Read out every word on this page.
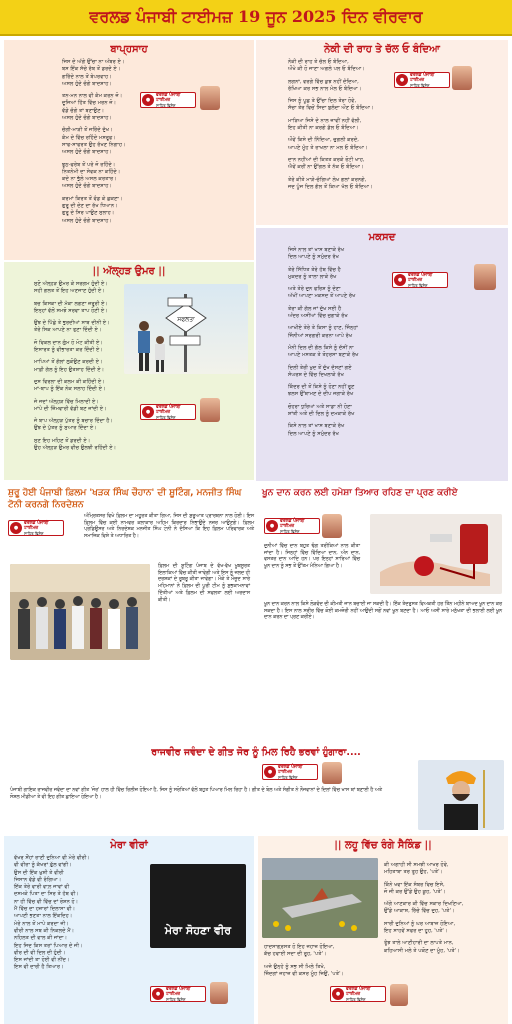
ਵਰਲਡ ਪੰਜਾਬੀ ਟਾਈਮਜ਼ 19 ਜੂਨ 2025 ਦਿਨ ਵੀਰਵਾਰ
ਬਾਪ੍ਹਸਾਹ
ਜਿਸ ਦੇ ਅੱਗੇ ਉੱਚਾ ਨਾ ਅੰਬਰ ਏ।
ਬਸ ਇੱਕ ਸੱਚੇ ਰੱਬ ਤੋਂ ਡਰਦੇ ਏ।
ਗਰਿੱਦੇ ਨਾਲ ਤੋਂ ਬੇਪਰਵਾਹ।
ਅਸਲ ਹੁੰਦੇ ਚੰਗੇ ਬਾਦਸ਼ਾਹ।
ਤਨ-ਮਨ ਨਾਲ ਵੀ ਕੰਮ ਕਰਨ ਜੋ।
ਦੂਜਿਆਂ ਹਿੱਤ ਵਿੱਚ ਮਰਨ ਜੋ।
ਵੱਡੇ ਚੰਗੇ ਤਾਂ ਬਣਾਉਣ।
ਅਸਲ ਹੁੰਦੇ ਚੰਗੇ ਬਾਦਸ਼ਾਹ।
ਚੰਗੀ-ਮਾੜੀ ਤੋਂ ਜਰਿੰਦੇ ਦੁੱਖ।
ਕੰਮ ਦੇ ਵਿੱਚ ਰਹਿੰਦੇ ਮਸਰੂਫ।
ਸਾਫ-ਸਾਫਰਤ ਉਹ ਰੱਖਣ ਨਿਗਾਹ।
ਅਸਲ ਹੁੰਦੇ ਚੰਗੇ ਬਾਦਸ਼ਾਹ।
ਝੂਠ-ਫਰੇਬ ਤੋਂ ਪਰੇ ਜੋ ਰਹਿੰਦੇ।
ਨਿਤਨੇਮੀ ਦਾ ਸੇਵਕ ਨਾ ਕਹਿੰਦੇ।
ਕਦੇ ਨਾ ਭੁੱਲੇ ਅਸਲ ਕਰਤਾਰ।
ਅਸਲ ਹੁੰਦੇ ਚੰਗੇ ਬਾਦਸ਼ਾਹ।
ਕਰਮਾਂ ਕਿਰਤ ਤੋਂ ਵੰਡ ਕੇ ਛਕਣਾ।
ਗੁਰੂ ਦੀ ਦੇਣ ਦਾ ਰੱਖ ਧਿਆਨ।
ਗੁਰੂ ਦੇ ਸਿਰ ਪਾਉਣ ਸੁਲਾਹ।
ਅਸਲ ਹੁੰਦੇ ਚੰਗੇ ਬਾਦਸ਼ਾਹ।
●
ਵਰਲਡ ਪੰਜਾਬੀ ਟਾਈਮਜ਼
ਸਾਹਿਤ ਵਿਸ਼ੇਸ਼
ਨੇਕੀ ਦੀ ਰਾਹ ਤੇ ਚੱਲ ਓ ਬੰਦਿਆ
ਨੇਕੀ ਦੀ ਰਾਹ ਤੇ ਚੱਲ ਓ ਬੰਦਿਆ,
ਔਖੇ ਕੀ ਹੋ ਜਾਣਾ ਅਗਲੇ ਪਲ ਓ ਬੰਦਿਆ।
ਲਗਨਾਂ, ਵਰਗੇ ਵਿੱਚ ਕੁਝ ਨਹੀਂ ਦੰਦਿਆ,
ਰੱਖਿਆ ਕਰ ਸਭ ਨਾਲ ਮੇਲ ਓ ਬੰਦਿਆ।
ਜਿਸ ਨੂੰ ਪੂਛ ਤੇ ਉੱਚਾ ਦਿਲ ਤੇਰਾ ਹੋਵੇ,
ਸੱਚਾ ਤੇਰ ਵਿਚੋਂ ਸਿਦਾ ਬੁਲੰਦਾ ਔਣ ਓ ਬੰਦਿਆ।
ਮਾੜਿਆ ਜਿਸੇ ਦੇ ਨਾਲ ਜਾਵੀਂ ਨਹੀਂ ਵੱਲੀ,
ਇਹ ਕੀਤੀ ਨਾ ਕਰਗੇ ਡੱਲ ਓ ਬੰਦਿਆ।
ਔਵੇਂ ਕਿਸੇ ਦੀ ਨਿੰਦਿਆ, ਚੁਗਲੀ ਕਰਦੇ,
ਆਪਣੇ ਮੂੰਹ ਤੇ ਰਾਖਲਾ ਨਾ ਮਲ ਓ ਬੰਦਿਆ।
ਦਾਨ ਨਹੀਂਆਂ ਦੀ ਕਿਤਤ ਕਰਕੇ ਰੋਟੀ ਖਾਹ,
ਐਵੇਂ ਕਰੀਂ ਨਾ ਉੱਗਲ ਤੇ ਨੱਕ ਓ ਬੰਦਿਆ।
ਤੇਰੇ ਕੀਤੇ ਮਾੜੇ-ਚੰਗਿਆਂ ਲੇਖ ਗਲਾਂ ਕਰਨਗੇ,
ਜਦ ਪੂੰਜ ਦਿਲ ਗੱਲ ਤੋਂ ਕਿਆ ਖੱਲ ਓ ਬੰਦਿਆ।
●
ਵਰਲਡ ਪੰਜਾਬੀ ਟਾਈਮਜ਼
ਸਾਹਿਤ ਵਿਸ਼ੇਸ਼
ਮਕਸਦ
ਜਿਸੇ ਨਾਲ ਤਾਂ ਖਾਸ ਬਣਾਕੇ ਰੱਖ
ਦਿਲ ਆਪਣੇ ਨੂੰ ਸਮੁੰਦਰ ਰੱਖ
ਤੇਰੇ ਸਿੱਧਿਤ ਤੇਰੇ ਹੱਥ ਵਿੱਚ ਹੈ
ਮੁਕਦਰ ਨੂੰ ਤਾਲਾ ਲਾਕੇ ਰੱਖ
ਅਤੇ ਤੇਰੇ ਦੁਨ ਫਰਿਸ਼ ਨੂੰ ਦੇਣਾ
ਅੱਖੀਂ ਆਪਣਾ ਮਕਸਦ ਤੋਂ ਆਪਣੇ ਰੱਖ
ਤੇਰਾ ਕੀ ਗੱਲ ਜਾਂ ਦੁੱਖ ਸਈ ਹੈ
ਅੰਦਰ ਅਸੀਂਆਂ ਵਿੱਚ ਜੁਗਾਕੇ ਰੱਖ
ਆਖੀਏ ਤੇਰੇ ਤੇ ਕਿਸਾ ਨੂੰ ਹਾਣ, ਜਿੰਨ੍ਹਾਂ
ਜਿੰਨੀਆਂ ਸਰਗਰੀ ਕਰਨਾ ਆਪੇ ਰੱਖ
ਮੰਨੀ ਦਿਲ ਦੀ ਗੱਲ ਕਿਸੇ ਨੂੰ ਦੱਸੀਂ ਨਾ
ਆਪਣੇ ਮਸਤਕ ਤੇ ਤੋਹਰਸਾ ਬਣਾਕੇ ਰੱਖ
ਦਿਲੀ ਤੇਰੀ ਖੁਦ ਤੋਂ ਦੁੱਖ ਦੱਸਣਾਂ ਗਏ
ਸੰਘਰਸ਼ ਦੇ ਵਿੱਚ ਦਿਖਲਾਕੇ ਰੱਖ
ਕਿੰਦਰ ਦੀ ਤੋਂ ਕਿਸੇ ਨੂੰ ਹੋਣਾ ਨਹੀਂ ਰੂਣ
ਝਲਸ ਉੱਥਾਮਣ ਦੇ ਦੀਪ ਜਗਾਕੇ ਰੱਖ
ਚੋਹਰਾ ਧੁਰਿਆਂ ਅਤੇ ਸਾਡਾ ਨੀ ਹੋਣਾ
ਸ਼ਾਂਤੀ ਅਤੇ ਦੀ ਦਿਲ ਨੂੰ ਦਮਕਾਕੇ ਰੱਖ
ਕਿਸੇ ਨਾਲ ਤਾਂ ਖਾਸ ਬਣਾਕੇ ਰੱਖ
ਦਿਲ ਆਪਣੇ ਨੂੰ ਸਮੁੰਦਰ ਰੱਖ
●
ਵਰਲਡ ਪੰਜਾਬੀ ਟਾਈਮਜ਼
ਸਾਹਿਤ ਵਿਸ਼ੇਸ਼
|| ਅੱਲ੍ਹੜ ਉਮਰ ||
ਸੁਣੋ ਅੱਲ੍ਹੜ ਉਮਰ ਕੇ ਸਰਗਮ ਹੁੰਦੀ ਏ।
ਸਹੀ ਗਲਤ ਤੋਂ ਇਹ ਅਣਜਾਣ ਹੁੰਦੀ ਏ।
ਬਚ ਕਿਸਕਾ ਦੀ ਮੱਕਾ ਲਗਣਾ ਜ਼ਰੂਰੀ ਏ।
ਇਨ੍ਹਾਂ ਵੱਲੋਂ ਸਮਝੋ ਸਰਵਾ ਤਾਪ ਹੋਣੀ ਏ।
ਉਂਝ ਦੇ ਪਿੱਛੇ ਤੇ ਭੁਰਦੀਆਂ ਸਾਥ ਦੀਨੀ ਏ।
ਤੇਰੇ ਸਿਕ ਆਪਣੇ ਨਾ ਤੁਣਾ ਦਿੰਦੀ ਏ।
ਜੋ ਵਿਕਲ ਦਾਨ ਗੁੰਮ ਹੋ ਮੋਟ ਕੀਤੀ ਏ।
ਇਸਾਰਤ ਨੂੰ ਵੀਭਾਰਤਾ ਕਰ ਦਿੰਦੀ ਏ।
ਮਾਪਿਆਂ ਤੋਂ ਗੱਲਾਂ ਲੁਕੋਉਣ ਕਰਦੀ ਏ।
ਮਾਫ਼ੀ ਗੱਲ ਨੂੰ ਇਹ ਉਤਸ਼ਾਹ ਦਿੰਦੀ ਏ।
ਦੁਸ ਵਿਰਲਾ ਦੀ ਕਲਮ ਕੀ ਕਹਿੰਦੀ ਏ।
ਮਾਂ-ਬਾਪ ਨੂੰ ਇੱਕ ਨੇਕ ਸਲਾਹ ਦਿੰਦੀ ਏ।
ਜੇ ਜਦਾਂ ਅੱਲ੍ਹੜ ਵਿੱਚ ਮਿਲਾਦੀ ਏ।
ਮਾਂਪੇ ਦੀ ਜ਼ਿੰਮਵਾਰੀ ਵੱਡੀ ਬਣ ਜਾਂਦੀ ਏ।
ਜੇ ਬਾਪ ਅੱਲ੍ਹੜ ਪੁੱਤਰ ਨੂੰ ਬਚਾਰ ਦਿੰਦਾ ਹੈ।
ਉਂਝ ਦੇ ਪੁੱਤਰ ਨੂੰ ਸੁਆਰ ਦਿੰਦਾ ਏ।
ਸੁਣ ਇਹ ਮਹਿਣ ਤੋਂ ਡਰਦੀ ਏ।
ਉਹ ਅੱਲ੍ਹੜ ਉਮਰ ਵੀਚ ਉਲਝੀ ਰਹਿੰਦੀ ਏ।
ਸਫਲਤਾ
●
ਵਰਲਡ ਪੰਜਾਬੀ ਟਾਈਮਜ਼
ਸਾਹਿਤ ਵਿਸ਼ੇਸ਼
ਸ਼ੁਰੂ ਹੋਈ ਪੰਜਾਬੀ ਫ਼ਿਲਮ 'ਖੜਕ ਸਿੰਘ ਚੌਹਾਨ' ਦੀ ਸ਼ੂਟਿੰਗ, ਮਨਜੀਤ ਸਿੰਘ ਟੋਨੀ ਕਰਨਗੇ ਨਿਰਦੇਸ਼ਨ
●
ਵਰਲਡ ਪੰਜਾਬੀ ਟਾਈਮਜ਼
ਸਾਹਿਤ ਵਿਸ਼ੇਸ਼
ਅੰਮ੍ਰਿਤਸਰ ਵਿਖੇ ਫ਼ਿਲਮ ਦਾ ਮਹੂਰਤ ਕੀਤਾ ਗਿਆ, ਜਿਸ ਦੀ ਸ਼ੁਰੂਆਤ ਪ੍ਰਾਰਥਨਾ ਨਾਲ ਹੋਈ। ਇਸ ਫ਼ਿਲਮ ਵਿੱਚ ਕਈ ਨਾਮਵਰ ਕਲਾਕਾਰ ਅਹਿਮ ਕਿਰਦਾਰ ਨਿਭਾਉਂਦੇ ਨਜ਼ਰ ਆਉਣਗੇ। ਫ਼ਿਲਮ ਪ੍ਰੋਡਿਊਸਰ ਅਤੇ ਨਿਰਦੇਸ਼ਕ ਮਨਜੀਤ ਸਿੰਘ ਟੋਨੀ ਨੇ ਦੱਸਿਆ ਕਿ ਇਹ ਫ਼ਿਲਮ ਪਰਿਵਾਰਕ ਅਤੇ ਸਮਾਜਿਕ ਵਿਸ਼ੇ ਤੇ ਅਧਾਰਿਤ ਹੈ।
ਫ਼ਿਲਮ ਦੀ ਸ਼ੂਟਿੰਗ ਪੰਜਾਬ ਦੇ ਵੱਖ-ਵੱਖ ਖੂਬਸੂਰਤ ਇਲਾਕਿਆਂ ਵਿੱਚ ਕੀਤੀ ਜਾਵੇਗੀ ਅਤੇ ਇਸ ਨੂੰ ਜਲਦ ਹੀ ਦਰਸ਼ਕਾਂ ਦੇ ਰੂਬਰੂ ਕੀਤਾ ਜਾਵੇਗਾ। ਮੌਕੇ ਤੇ ਮੌਜੂਦ ਸਾਰੇ ਮਹਿਮਾਨਾਂ ਨੇ ਫ਼ਿਲਮ ਦੀ ਪੂਰੀ ਟੀਮ ਨੂੰ ਸ਼ੁਭਕਾਮਨਾਵਾਂ ਦਿੱਤੀਆਂ ਅਤੇ ਫ਼ਿਲਮ ਦੀ ਸਫਲਤਾ ਲਈ ਅਰਦਾਸ ਕੀਤੀ।
ਖੂਨ ਦਾਨ ਕਰਨ ਲਈ ਹਮੇਸ਼ਾ ਤਿਆਰ ਰਹਿਣ ਦਾ ਪ੍ਰਣ ਕਰੀਏ
●
ਵਰਲਡ ਪੰਜਾਬੀ ਟਾਈਮਜ਼
ਸਾਹਿਤ ਵਿਸ਼ੇਸ਼
ਦੁਨੀਆਂ ਵਿੱਚ ਦਾਨ ਬਹੁਤ ਢੰਗ ਤਰੀਕਿਆਂ ਨਾਲ ਕੀਤਾ ਜਾਂਦਾ ਹੈ। ਜਿਨ੍ਹਾਂ ਵਿੱਚ ਵਿੱਦਿਆ ਦਾਨ, ਅੰਨ ਦਾਨ, ਵਸਤਰ ਦਾਨ ਆਦਿ ਹਨ। ਪਰ ਇਨ੍ਹਾਂ ਸਾਰਿਆਂ ਵਿੱਚ ਖੂਨ ਦਾਨ ਨੂੰ ਸਭ ਤੋਂ ਉੱਤਮ ਮੰਨਿਆ ਗਿਆ ਹੈ।
ਖੂਨ ਦਾਨ ਕਰਨ ਨਾਲ ਕਿਸੇ ਲੋੜਵੰਦ ਦੀ ਕੀਮਤੀ ਜਾਨ ਬਚਾਈ ਜਾ ਸਕਦੀ ਹੈ। ਇੱਕ ਤੰਦਰੁਸਤ ਵਿਅਕਤੀ ਹਰ ਤਿੰਨ ਮਹੀਨੇ ਬਾਅਦ ਖੂਨ ਦਾਨ ਕਰ ਸਕਦਾ ਹੈ। ਇਸ ਨਾਲ ਸਰੀਰ ਵਿੱਚ ਕੋਈ ਕਮਜ਼ੋਰੀ ਨਹੀਂ ਆਉਂਦੀ ਸਗੋਂ ਨਵਾਂ ਖੂਨ ਬਣਦਾ ਹੈ। ਆਓ ਅਸੀਂ ਸਾਰੇ ਮਨੁੱਖਤਾ ਦੀ ਭਲਾਈ ਲਈ ਖੂਨ ਦਾਨ ਕਰਨ ਦਾ ਪ੍ਰਣ ਕਰੀਏ।
ਰਾਜਵੀਰ ਜਵੰਦਾ ਦੇ ਗੀਤ ਜੋਰ ਨੂੰ ਮਿਲ ਰਿਹੈ ਭਰਵਾਂ ਹੁੰਗਾਰਾ....
●
ਵਰਲਡ ਪੰਜਾਬੀ ਟਾਈਮਜ਼
ਸਾਹਿਤ ਵਿਸ਼ੇਸ਼
ਪੰਜਾਬੀ ਗਾਇਕ ਰਾਜਵੀਰ ਜਵੰਦਾ ਦਾ ਨਵਾਂ ਗੀਤ 'ਜੋਰ' ਹਾਲ ਹੀ ਵਿੱਚ ਰਿਲੀਜ਼ ਹੋਇਆ ਹੈ, ਜਿਸ ਨੂੰ ਸਰੋਤਿਆਂ ਵੱਲੋਂ ਬਹੁਤ ਪਿਆਰ ਮਿਲ ਰਿਹਾ ਹੈ। ਗੀਤ ਦੇ ਬੋਲ ਅਤੇ ਸੰਗੀਤ ਨੇ ਨੌਜਵਾਨਾਂ ਦੇ ਦਿਲਾਂ ਵਿੱਚ ਖਾਸ ਥਾਂ ਬਣਾਈ ਹੈ ਅਤੇ ਸੋਸ਼ਲ ਮੀਡੀਆ ਤੇ ਵੀ ਇਹ ਗੀਤ ਛਾਇਆ ਹੋਇਆ ਹੈ।
ਮੇਰਾ ਵੀਰਾਂ
ਵੱਖਰ ਸੌਂਹਾਂ ਰਾਣੀ ਦੁਨਿਆ ਵੀ ਮੇਰੇ ਵੀਰੀ।
ਵੀ ਵੀਰਾ ਨੂੰ ਕੱਖਰਾਂ ਫ਼ੁੱਲ ਵਾਂਗੀ।
ਉਸ ਦੀ ਇੱਕ ਖ਼ੁਸ਼ੀ ਤੇ ਵੀਰੀ
ਜਿਸਾਨ ਵੱਡੇ ਵੀ ਰੰਗਿਆ।
ਇੱਕ ਤੇਰੇ ਵਾਰੀ ਵਾਲ਼ ਜਾਵਾਂ ਵੀ
ਦਸਮਕੇ ਪਿਤਾ ਦਾ ਸਿਰ ਤੇ ਹੱਥ ਵੀ।
ਨਾ ਹੀ ਵਿੱਚ ਵੀ ਵਿੱਚ ਦਾਂ ਰੋਸ਼ਨ ਹੋ।
ਮੈਂ ਵਿੱਚ ਦਾ ਹਜ਼ਾਰਾਂ ਦਿਲਾਸਾ ਵੀ।
ਆਪਣੀ ਭਣਤਾ ਨਾਲ ਇੱਕਦਿਹ।
ਮੇਰੇ ਨਾਲ ਤੋਂ ਮਾਪੇ ਕਰਦਾ ਜੀ।
ਵੀਰੀ ਨਾਲ ਸਬ ਕੀ ਨਿਕਲਦੇ ਮੈਂ।
ਨਹਿਲਤ ਦੀ ਵਾਲ ਕੀ ਜਾਂਦਾ।
ਇਹ ਜਿਦ ਕਿਸ ਤਰਾਂ ਪਿਆਰ ਦੇ ਜੀ।
ਵੀਰ ਦੀ ਵੀ ਦਿਲ ਦੀ ਹੁੰਦੀ।
ਇਸ ਜਾਂਦੀ ਤਾ ਹੋਈ ਵੀ ਨੀਂਦ।
ਇਸ ਵੀ ਦਾਰੀ ਹੈ ਤਿਆਰ।
ਮੇਰਾ ਸੋਹਣਾ ਵੀਰ
●
ਵਰਲਡ ਪੰਜਾਬੀ ਟਾਈਮਜ਼
ਸਾਹਿਤ ਵਿਸ਼ੇਸ਼
|| ਲਹੂ ਵਿੱਚ ਰੰਗੇ ਸੈਕਿੰਡ ||
ਕੀ ਅਗਾਹੀ ਸੀ ਸਮਝੀ ਆਖਰ ਹੋਵੇ,
ਮਹਿਤਾਬਾ ਤਰ ਤੂਹ ਉਹ, 'ਪਤੇ'।
ਕਿੰਨੇ ਖਵਾ ਇੱਕ ਸੰਬਰ ਵਿਚ ਇਸੇ,
ਜੋ ਜੀ ਕਰ ਉੱਡੇ ਉਹ ਕੂਹ, 'ਪਤੇ'।
ਅੱਗੇ ਆਣਕਾਰ ਕੀ ਵਿੱਚ ਸਕਾਰ ਦਿਖਣਿਆ,
ਉੱਡੇ ਆਕਾਸ਼, ਰਿੱਚੇ ਵਿੱਚ ਦੁਹ, 'ਪਤੇ'।
ਸਾਰੀ ਦੁਨਿਆਂ ਨੂੰ ਘਰ ਆਬਾਜ਼ ਹੋਇਆ,
ਇਹ ਸਾਹਵੇਂ ਸਫਰ ਦਾ ਹੂਹ, 'ਪਤੇ'।
ਤੂੰਝ ਤਾਲੇ ਆਣੀਹਾਰੀ ਦਾ ਲਾਪਤੇ ਮਾਨ,
ਕਹਿਆਸੀ ਮਲੇ ਤੇ ਪਕੋਣ ਦਾ ਮੂੰਹ, 'ਪਤੇ'।
ਹਾਦਸਾਗ੍ਰਸਤ ਹੋ ਇਹ ਜਹਾਜ਼ ਹੋਇਆ,
ਕੱਚ ਹਵਾਈ ਸਦਾ ਦੀ ਰੂਹ, 'ਪਤੇ'।
ਅਜੇ ਉਨ੍ਹੇ ਨੂੰ ਸਭ ਸੀ ਮਿਲੇ ਤਿਖੇ,
ਜ਼ਿੰਦਗਾਂ ਜਹਾਜ਼ ਵੀ ਕਸਰ ਮੂੰਹ ਜਿਉਂ, 'ਪਤੇ'।
●
ਵਰਲਡ ਪੰਜਾਬੀ ਟਾਈਮਜ਼
ਸਾਹਿਤ ਵਿਸ਼ੇਸ਼
